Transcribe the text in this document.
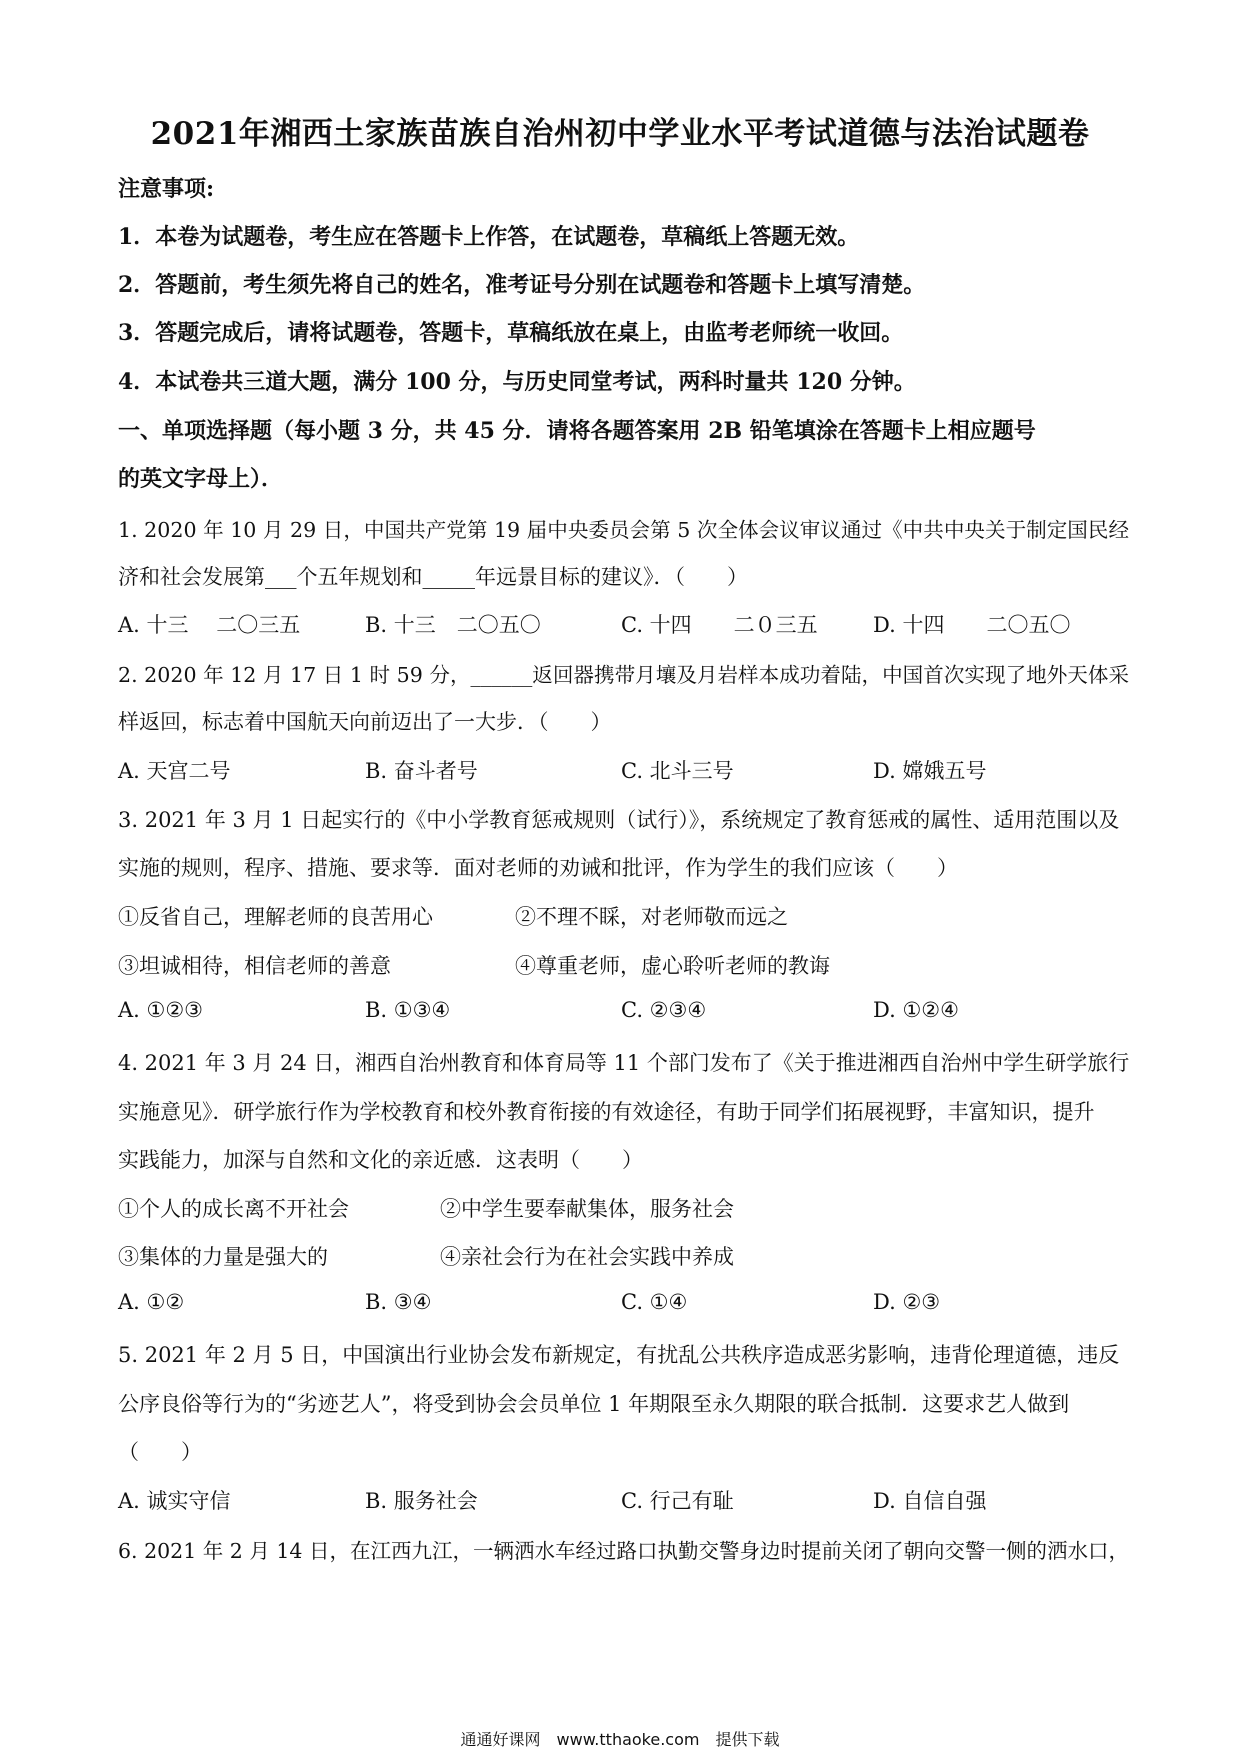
2021年湘西土家族苗族自治州初中学业水平考试道德与法治试题卷
注意事项:
1．本卷为试题卷，考生应在答题卡上作答，在试题卷，草稿纸上答题无效。
2．答题前，考生须先将自己的姓名，准考证号分别在试题卷和答题卡上填写清楚。
3．答题完成后，请将试题卷，答题卡，草稿纸放在桌上，由监考老师统一收回。
4．本试卷共三道大题，满分 100 分，与历史同堂考试，两科时量共 120 分钟。
一、单项选择题（每小题 3 分，共 45 分．请将各题答案用 2B 铅笔填涂在答题卡上相应题号
的英文字母上）．
1. 2020 年 10 月 29 日，中国共产党第 19 届中央委员会第 5 次全体会议审议通过《中共中央关于制定国民经
济和社会发展第___个五年规划和_____年远景目标的建议》．（　　）
A. 十三　 二〇三五	B. 十三　二〇五〇	C. 十四　　二０三五	D. 十四　　二〇五〇
2. 2020 年 12 月 17 日 1 时 59 分，______返回器携带月壤及月岩样本成功着陆，中国首次实现了地外天体采
样返回，标志着中国航天向前迈出了一大步．（　　）
A. 天宫二号	B. 奋斗者号	C. 北斗三号	D. 嫦娥五号
3. 2021 年 3 月 1 日起实行的《中小学教育惩戒规则（试行）》，系统规定了教育惩戒的属性、适用范围以及
实施的规则，程序、措施、要求等．面对老师的劝诫和批评，作为学生的我们应该（　　）
①反省自己，理解老师的良苦用心	②不理不睬，对老师敬而远之
③坦诚相待，相信老师的善意	④尊重老师，虚心聆听老师的教诲
A. ①②③	B. ①③④	C. ②③④	D. ①②④
4. 2021 年 3 月 24 日，湘西自治州教育和体育局等 11 个部门发布了《关于推进湘西自治州中学生研学旅行
实施意见》．研学旅行作为学校教育和校外教育衔接的有效途径，有助于同学们拓展视野，丰富知识，提升
实践能力，加深与自然和文化的亲近感．这表明（　　）
①个人的成长离不开社会	②中学生要奉献集体，服务社会
③集体的力量是强大的	④亲社会行为在社会实践中养成
A. ①②	B. ③④	C. ①④	D. ②③
5. 2021 年 2 月 5 日，中国演出行业协会发布新规定，有扰乱公共秩序造成恶劣影响，违背伦理道德，违反
公序良俗等行为的“劣迹艺人”，将受到协会会员单位 1 年期限至永久期限的联合抵制．这要求艺人做到
（　　）
A. 诚实守信	B. 服务社会	C. 行己有耻	D. 自信自强
6. 2021 年 2 月 14 日，在江西九江，一辆洒水车经过路口执勤交警身边时提前关闭了朝向交警一侧的洒水口，
通通好课网　www.tthaoke.com　提供下载
